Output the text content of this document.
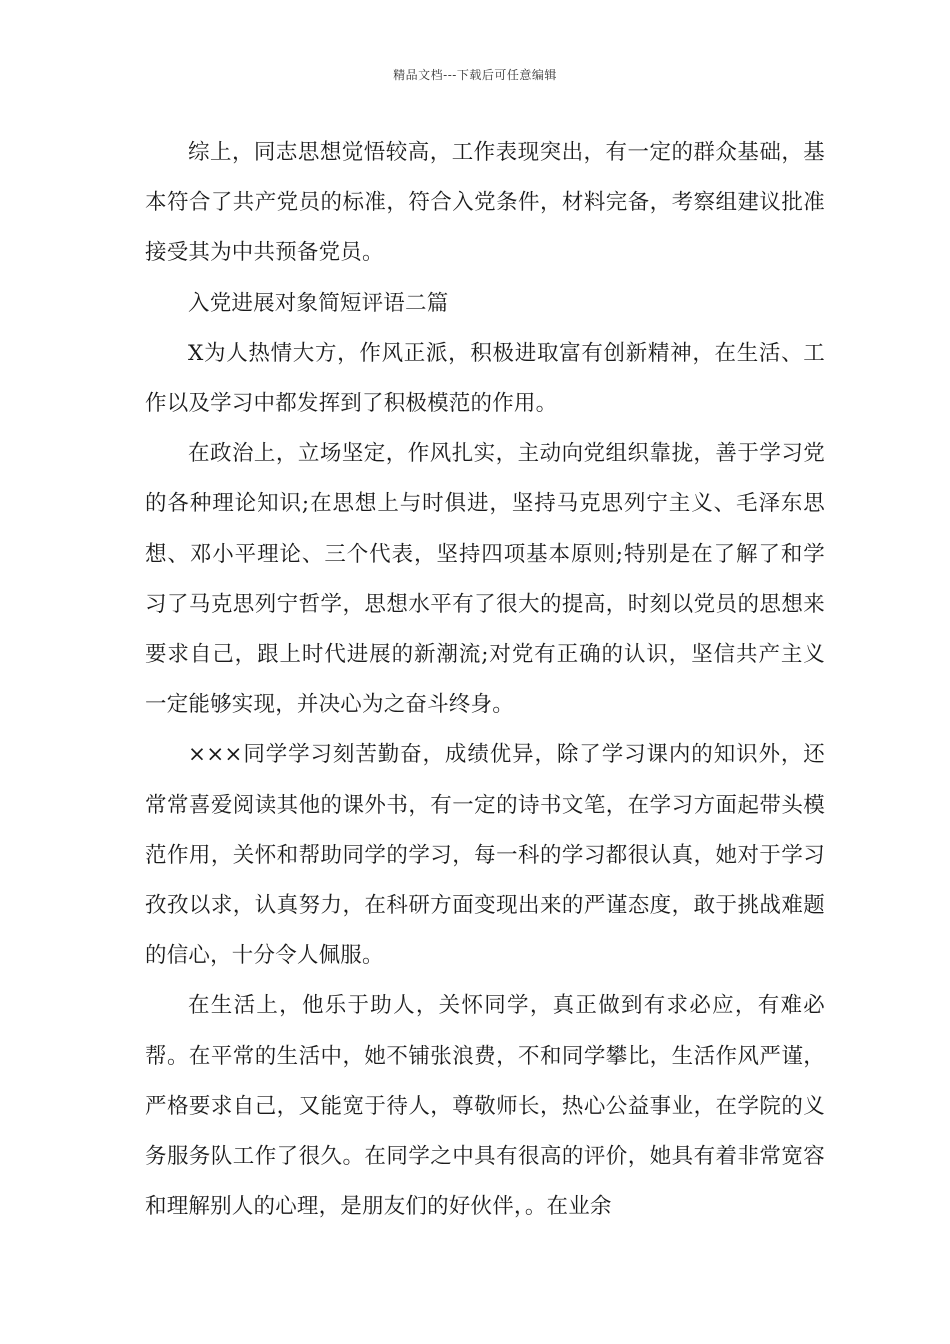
精品文档---下载后可任意编辑

综上，同志思想觉悟较高，工作表现突出，有一定的群众基础，基本符合了共产党员的标准，符合入党条件，材料完备，考察组建议批准接受其为中共预备党员。

入党进展对象简短评语二篇

X为人热情大方，作风正派，积极进取富有创新精神，在生活、工作以及学习中都发挥到了积极模范的作用。

在政治上，立场坚定，作风扎实，主动向党组织靠拢，善于学习党的各种理论知识;在思想上与时俱进，坚持马克思列宁主义、毛泽东思想、邓小平理论、三个代表，坚持四项基本原则;特别是在了解了和学习了马克思列宁哲学，思想水平有了很大的提高，时刻以党员的思想来要求自己，跟上时代进展的新潮流;对党有正确的认识，坚信共产主义一定能够实现，并决心为之奋斗终身。

×××同学学习刻苦勤奋，成绩优异，除了学习课内的知识外，还常常喜爱阅读其他的课外书，有一定的诗书文笔，在学习方面起带头模范作用，关怀和帮助同学的学习，每一科的学习都很认真，她对于学习孜孜以求，认真努力，在科研方面变现出来的严谨态度，敢于挑战难题的信心，十分令人佩服。

在生活上，他乐于助人，关怀同学，真正做到有求必应，有难必帮。在平常的生活中，她不铺张浪费，不和同学攀比，生活作风严谨，严格要求自己，又能宽于待人，尊敬师长，热心公益事业，在学院的义务服务队工作了很久。在同学之中具有很高的评价，她具有着非常宽容和理解别人的心理，是朋友们的好伙伴，。在业余
